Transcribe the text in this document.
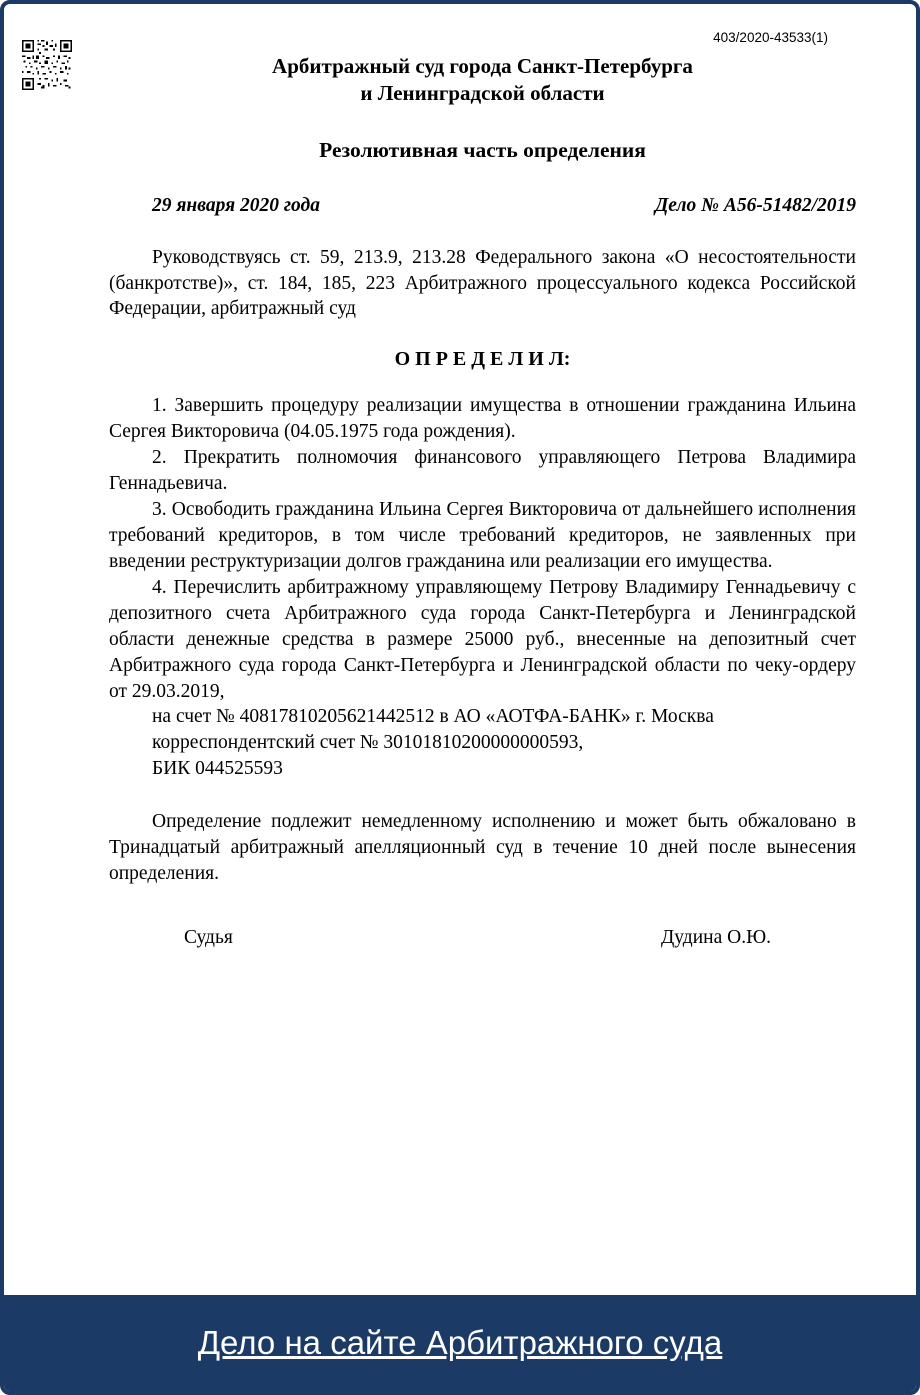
403/2020-43533(1)

Арбитражный суд города Санкт-Петербурга
и Ленинградской области
Резолютивная часть определения
29 января 2020 года	Дело № А56-51482/2019

Руководствуясь ст. 59, 213.9, 213.28 Федерального закона «О несостоятельности (банкротстве)», ст. 184, 185, 223 Арбитражного процессуального кодекса Российской Федерации, арбитражный суд

О П Р Е Д Е Л И Л:

1. Завершить процедуру реализации имущества в отношении гражданина Ильина Сергея Викторовича (04.05.1975 года рождения).

2. Прекратить полномочия финансового управляющего Петрова Владимира Геннадьевича.

3. Освободить гражданина Ильина Сергея Викторовича от дальнейшего исполнения требований кредиторов, в том числе требований кредиторов, не заявленных при введении реструктуризации долгов гражданина или реализации его имущества.

4. Перечислить арбитражному управляющему Петрову Владимиру Геннадьевичу с депозитного счета Арбитражного суда города Санкт-Петербурга и Ленинградской области денежные средства в размере 25000 руб., внесенные на депозитный счет Арбитражного суда города Санкт-Петербурга и Ленинградской области по чеку-ордеру от 29.03.2019,

на счет № 40817810205621442512 в АО «АОТФА-БАНК» г. Москва

корреспондентский счет № 30101810200000000593,

БИК 044525593

Определение подлежит немедленному исполнению и может быть обжаловано в Тринадцатый арбитражный апелляционный суд в течение 10 дней после вынесения определения.

Судья	Дудина О.Ю.
Дело на сайте Арбитражного суда
